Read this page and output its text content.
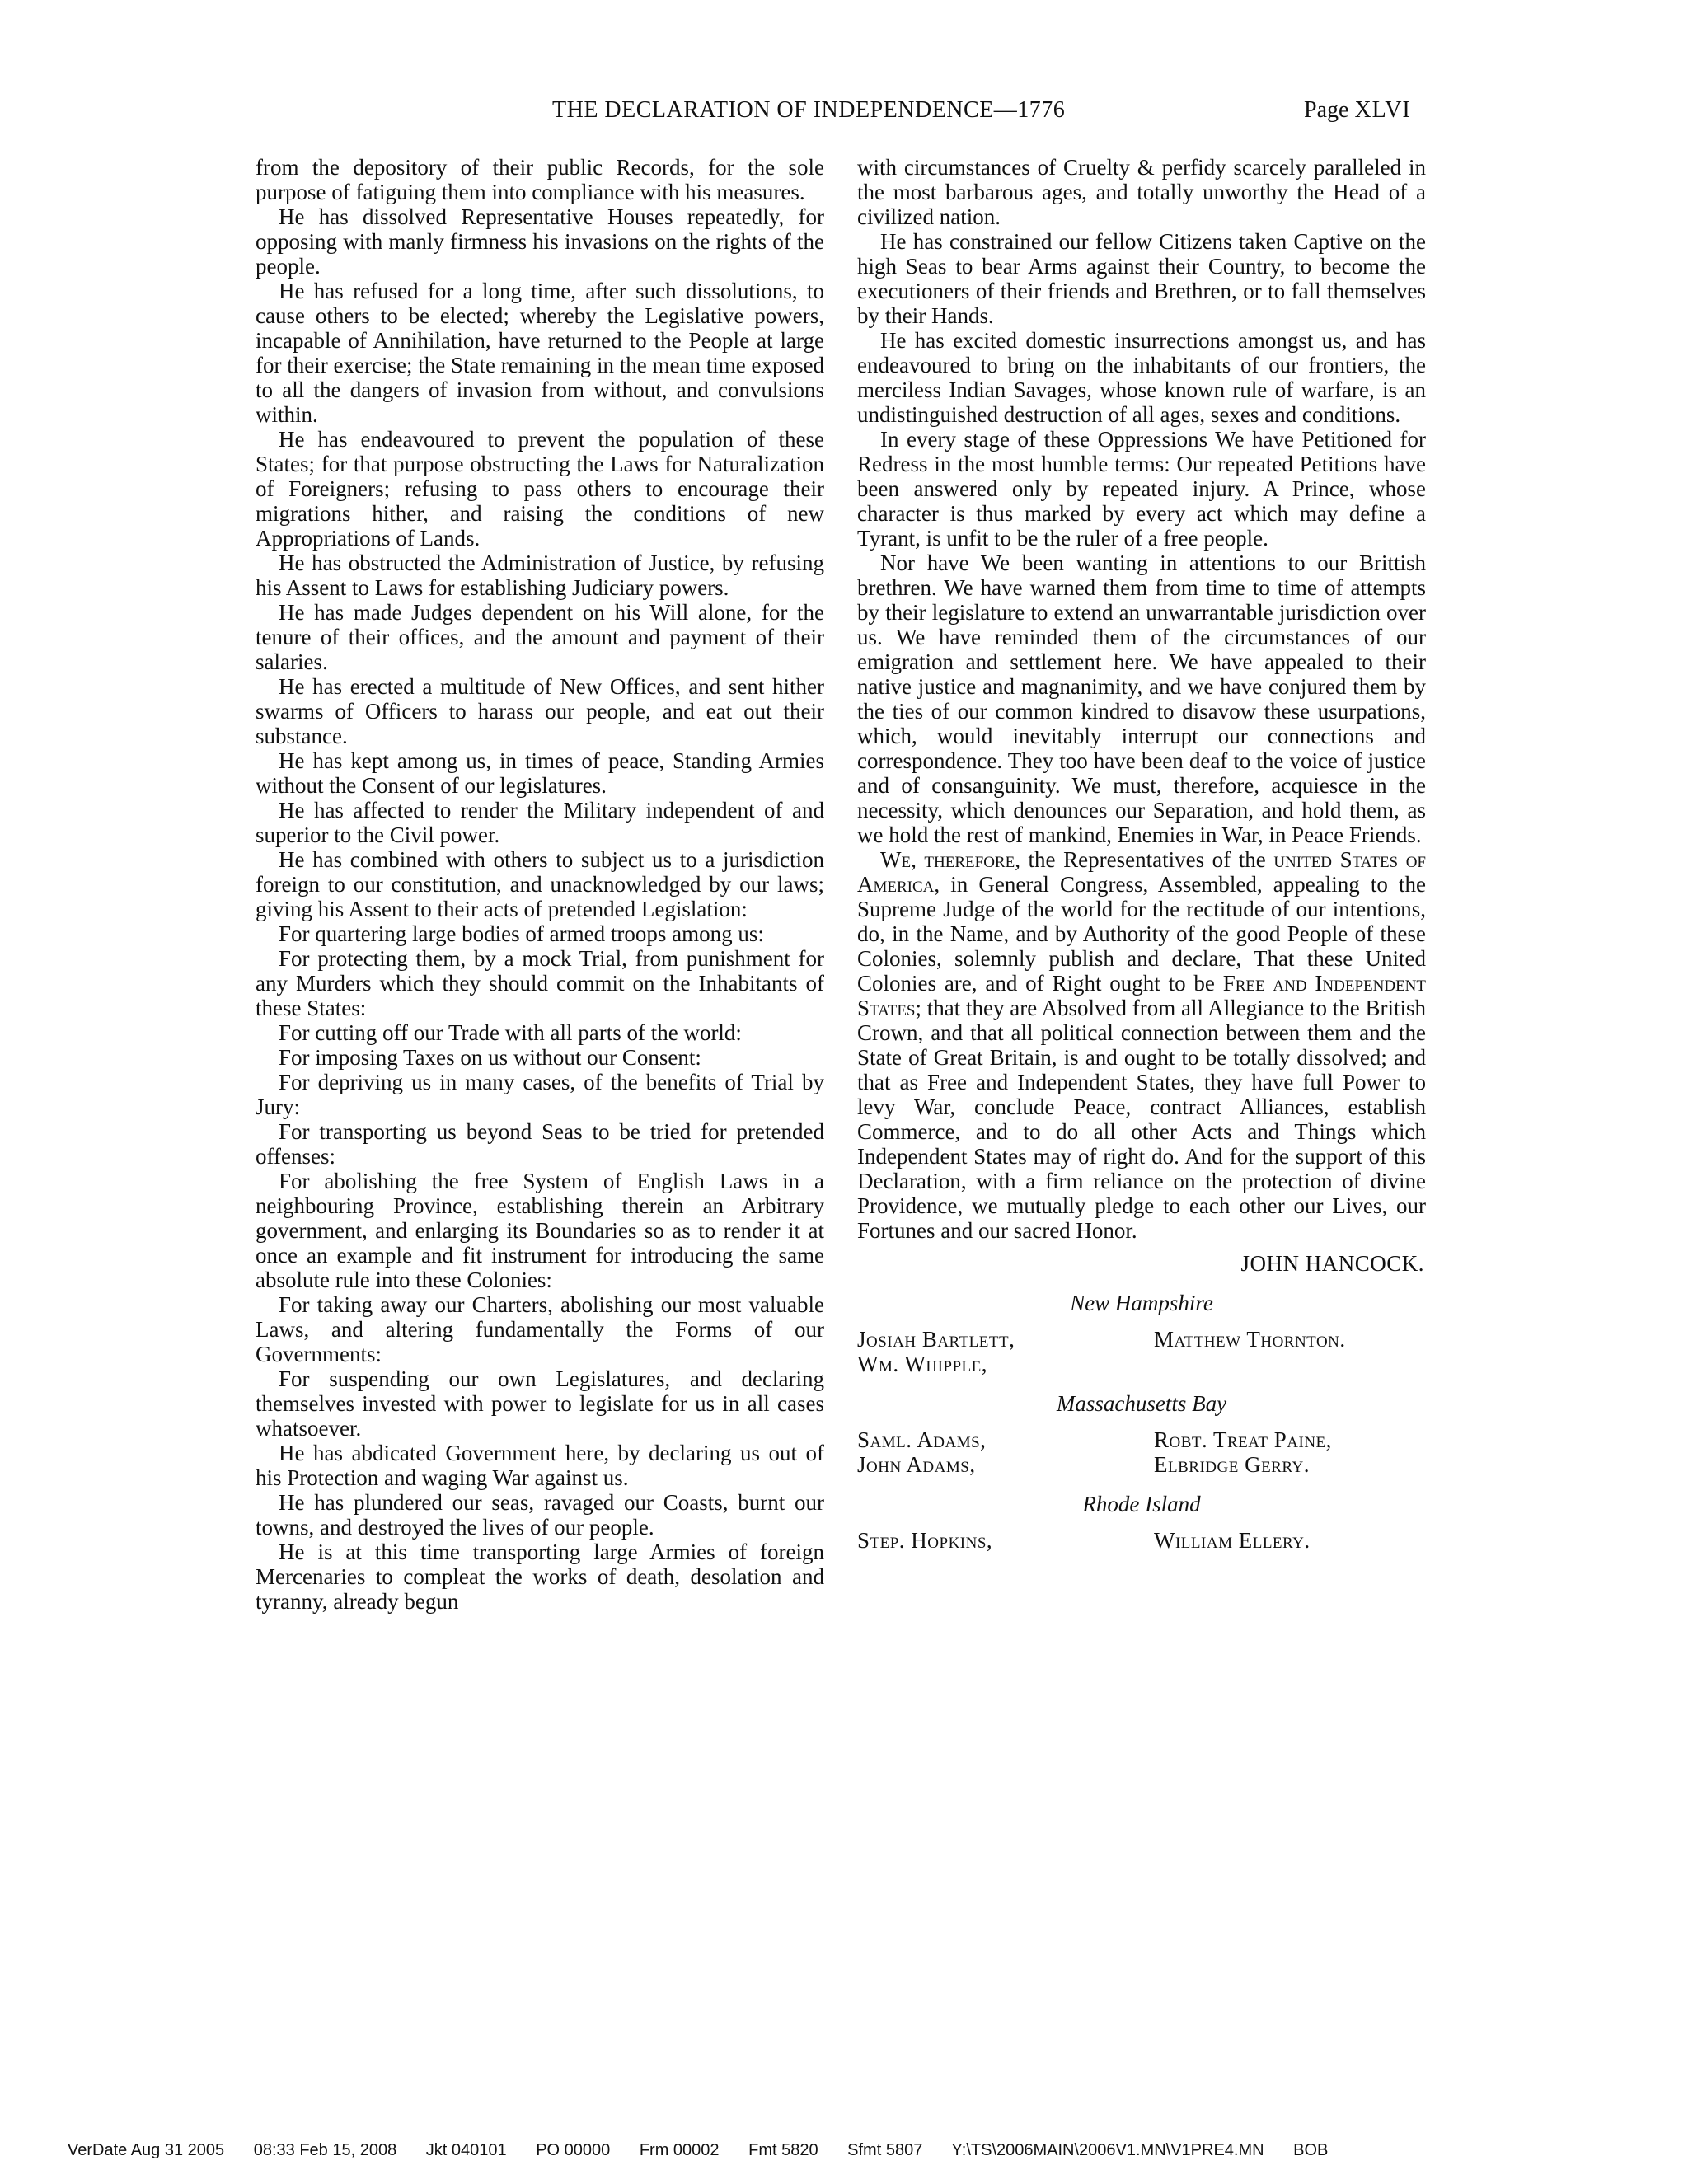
THE DECLARATION OF INDEPENDENCE—1776	Page XLVI

from the depository of their public Records, for the sole purpose of fatiguing them into compliance with his measures.

He has dissolved Representative Houses repeatedly, for opposing with manly firmness his invasions on the rights of the people.

He has refused for a long time, after such dissolutions, to cause others to be elected; whereby the Legislative powers, incapable of Annihilation, have returned to the People at large for their exercise; the State remaining in the mean time exposed to all the dangers of invasion from without, and convulsions within.

He has endeavoured to prevent the population of these States; for that purpose obstructing the Laws for Naturalization of Foreigners; refusing to pass others to encourage their migrations hither, and raising the conditions of new Appropriations of Lands.

He has obstructed the Administration of Justice, by refusing his Assent to Laws for establishing Judiciary powers.

He has made Judges dependent on his Will alone, for the tenure of their offices, and the amount and payment of their salaries.

He has erected a multitude of New Offices, and sent hither swarms of Officers to harass our people, and eat out their substance.

He has kept among us, in times of peace, Standing Armies without the Consent of our legislatures.

He has affected to render the Military independent of and superior to the Civil power.

He has combined with others to subject us to a jurisdiction foreign to our constitution, and unacknowledged by our laws; giving his Assent to their acts of pretended Legislation:

For quartering large bodies of armed troops among us:

For protecting them, by a mock Trial, from punishment for any Murders which they should commit on the Inhabitants of these States:

For cutting off our Trade with all parts of the world:

For imposing Taxes on us without our Consent:

For depriving us in many cases, of the benefits of Trial by Jury:

For transporting us beyond Seas to be tried for pretended offenses:

For abolishing the free System of English Laws in a neighbouring Province, establishing therein an Arbitrary government, and enlarging its Boundaries so as to render it at once an example and fit instrument for introducing the same absolute rule into these Colonies:

For taking away our Charters, abolishing our most valuable Laws, and altering fundamentally the Forms of our Governments:

For suspending our own Legislatures, and declaring themselves invested with power to legislate for us in all cases whatsoever.

He has abdicated Government here, by declaring us out of his Protection and waging War against us.

He has plundered our seas, ravaged our Coasts, burnt our towns, and destroyed the lives of our people.

He is at this time transporting large Armies of foreign Mercenaries to compleat the works of death, desolation and tyranny, already begun

with circumstances of Cruelty & perfidy scarcely paralleled in the most barbarous ages, and totally unworthy the Head of a civilized nation.

He has constrained our fellow Citizens taken Captive on the high Seas to bear Arms against their Country, to become the executioners of their friends and Brethren, or to fall themselves by their Hands.

He has excited domestic insurrections amongst us, and has endeavoured to bring on the inhabitants of our frontiers, the merciless Indian Savages, whose known rule of warfare, is an undistinguished destruction of all ages, sexes and conditions.

In every stage of these Oppressions We have Petitioned for Redress in the most humble terms: Our repeated Petitions have been answered only by repeated injury. A Prince, whose character is thus marked by every act which may define a Tyrant, is unfit to be the ruler of a free people.

Nor have We been wanting in attentions to our Brittish brethren. We have warned them from time to time of attempts by their legislature to extend an unwarrantable jurisdiction over us. We have reminded them of the circumstances of our emigration and settlement here. We have appealed to their native justice and magnanimity, and we have conjured them by the ties of our common kindred to disavow these usurpations, which, would inevitably interrupt our connections and correspondence. They too have been deaf to the voice of justice and of consanguinity. We must, therefore, acquiesce in the necessity, which denounces our Separation, and hold them, as we hold the rest of mankind, Enemies in War, in Peace Friends.

We, therefore, the Representatives of the united States of America, in General Congress, Assembled, appealing to the Supreme Judge of the world for the rectitude of our intentions, do, in the Name, and by Authority of the good People of these Colonies, solemnly publish and declare, That these United Colonies are, and of Right ought to be Free and Independent States; that they are Absolved from all Allegiance to the British Crown, and that all political connection between them and the State of Great Britain, is and ought to be totally dissolved; and that as Free and Independent States, they have full Power to levy War, conclude Peace, contract Alliances, establish Commerce, and to do all other Acts and Things which Independent States may of right do. And for the support of this Declaration, with a firm reliance on the protection of divine Providence, we mutually pledge to each other our Lives, our Fortunes and our sacred Honor.

JOHN HANCOCK.
New Hampshire
Josiah Bartlett,
Wm. Whipple,
Matthew Thornton.
Massachusetts Bay
Saml. Adams,
John Adams,
Robt. Treat Paine,
Elbridge Gerry.
Rhode Island
Step. Hopkins,	William Ellery.
VerDate Aug 31 2005 08:33 Feb 15, 2008 Jkt 040101 PO 00000 Frm 00002 Fmt 5820 Sfmt 5807 Y:\TS\2006MAIN\2006V1.MN\V1PRE4.MN BOB
